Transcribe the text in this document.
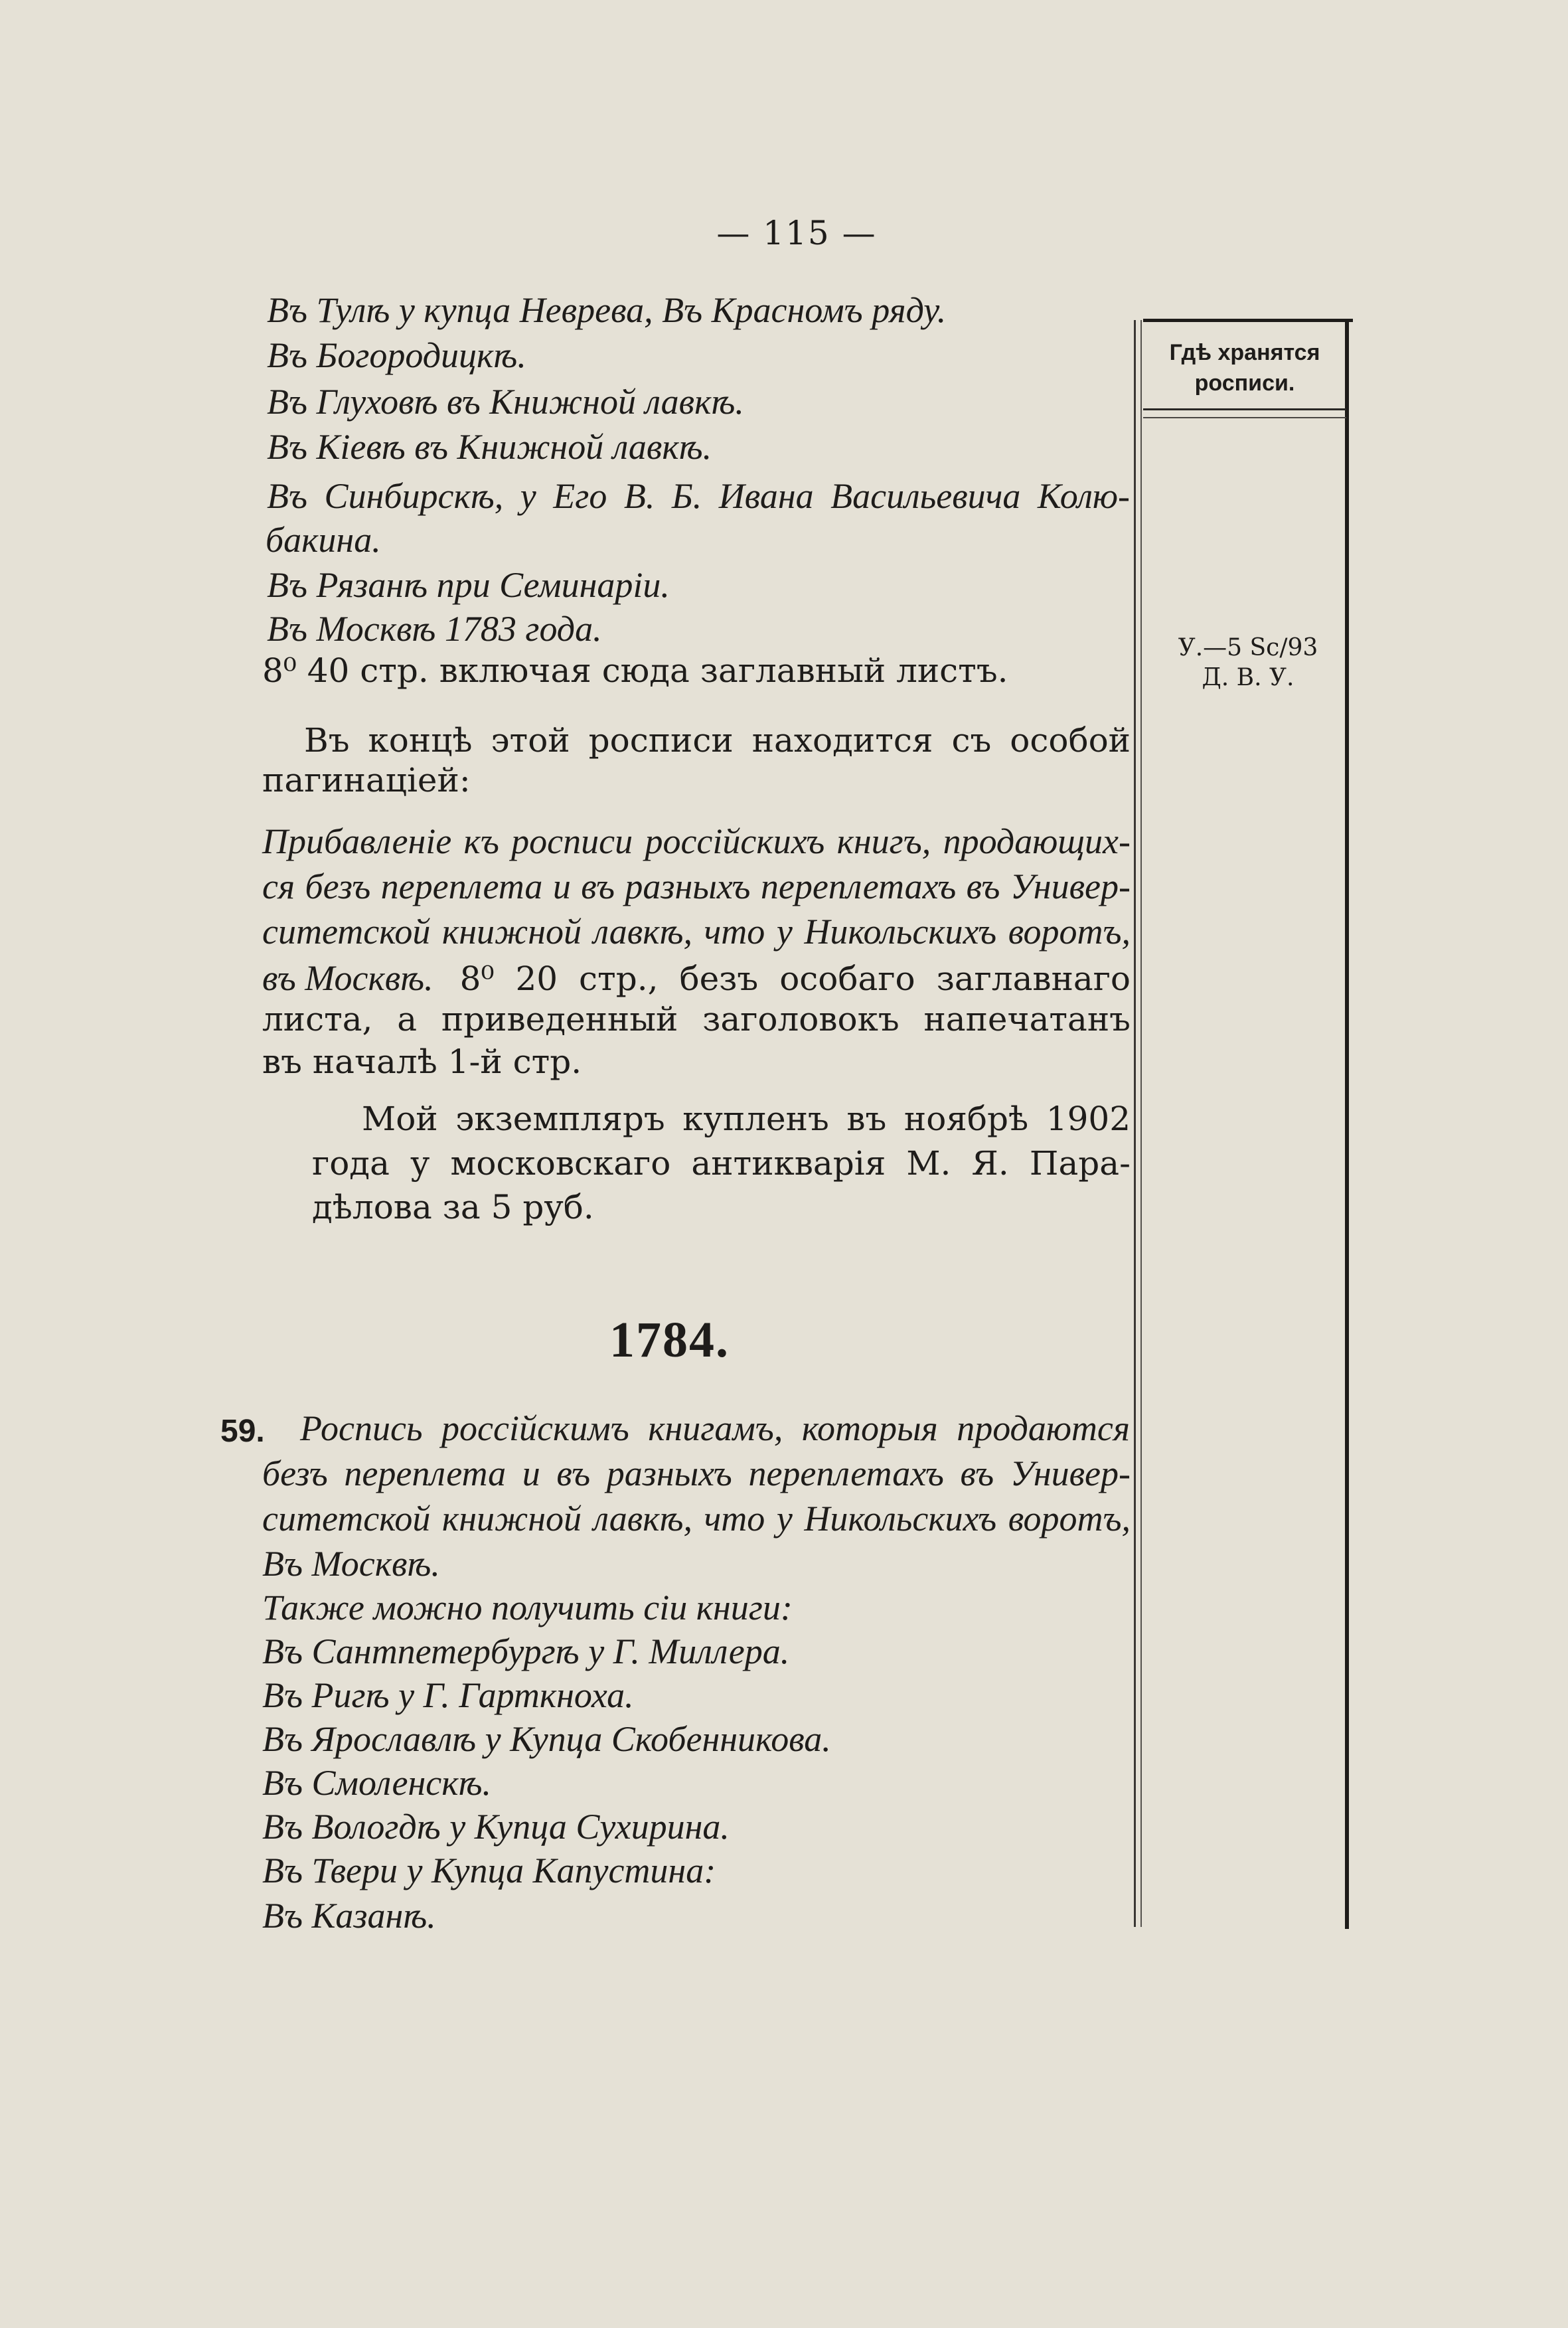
— 115 —
Въ Тулѣ у купца Неврева, Въ Красномъ ряду.
Въ Богородицкѣ.
Въ Глуховѣ въ Книжной лавкѣ.
Въ Кіевѣ въ Книжной лавкѣ.
Въ Синбирскѣ, у Его В. Б. Ивана Васильевича Колю-
бакина.
Въ Рязанѣ при Семинаріи.
Въ Москвѣ 1783 года.
8⁰ 40 стр. включая сюда заглавный листъ.
Въ концѣ этой росписи находится съ особой
пагинацiей:
Прибавленіе къ росписи россійскихъ книгъ, продающих-
ся безъ переплета и въ разныхъ переплетахъ въ Универ-
ситетской книжной лавкѣ, что у Никольскихъ воротъ,
въ Москвѣ. 8⁰ 20 стр., безъ особаго заглавнаго
листа, а приведенный заголовокъ напечатанъ
въ началѣ 1-й стр.
Мой экземпляръ купленъ въ ноябрѣ 1902
года у московскаго антикварія М. Я. Пара-
дѣлова за 5 руб.
1784.
59. Роспись россійскимъ книгамъ, которыя продаются
безъ переплета и въ разныхъ переплетахъ въ Универ-
ситетской книжной лавкѣ, что у Никольскихъ воротъ,
Въ Москвѣ.
Также можно получить сіи книги:
Въ Сантпетербургѣ у Г. Миллера.
Въ Ригѣ у Г. Гарткноха.
Въ Ярославлѣ у Купца Скобенникова.
Въ Смоленскѣ.
Въ Вологдѣ у Купца Сухирина.
Въ Твери у Купца Капустина:
Въ Казанѣ.
Гдѣ хранятся
росписи.
У.—5 Sc/93
Д. В. У.
